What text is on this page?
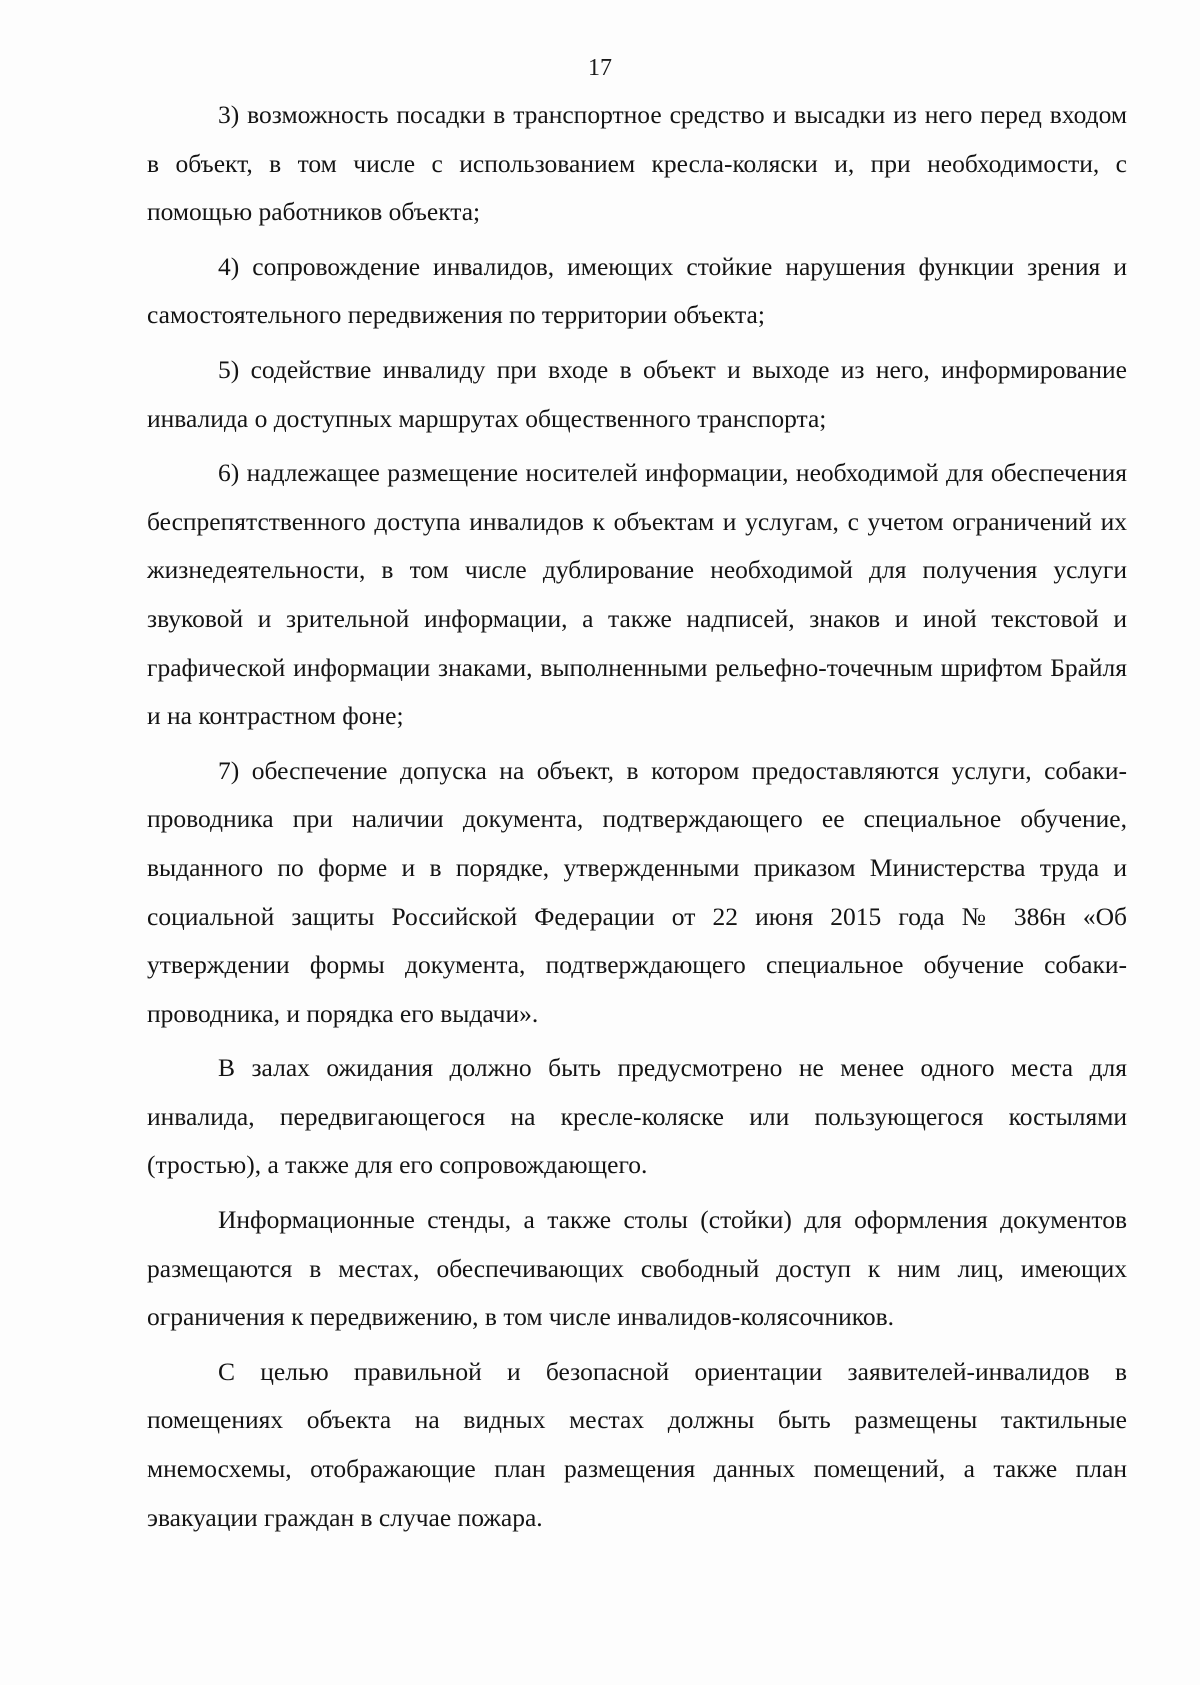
17

3) возможность посадки в транспортное средство и высадки из него перед входом в объект, в том числе с использованием кресла-коляски и, при необходимости, с помощью работников объекта;

4) сопровождение инвалидов, имеющих стойкие нарушения функции зрения и самостоятельного передвижения по территории объекта;

5) содействие инвалиду при входе в объект и выходе из него, информирование инвалида о доступных маршрутах общественного транспорта;

6) надлежащее размещение носителей информации, необходимой для обеспечения беспрепятственного доступа инвалидов к объектам и услугам, с учетом ограничений их жизнедеятельности, в том числе дублирование необходимой для получения услуги звуковой и зрительной информации, а также надписей, знаков и иной текстовой и графической информации знаками, выполненными рельефно-точечным шрифтом Брайля и на контрастном фоне;

7) обеспечение допуска на объект, в котором предоставляются услуги, собаки-проводника при наличии документа, подтверждающего ее специальное обучение, выданного по форме и в порядке, утвержденными приказом Министерства труда и социальной защиты Российской Федерации от 22 июня 2015 года № 386н «Об утверждении формы документа, подтверждающего специальное обучение собаки-проводника, и порядка его выдачи».

В залах ожидания должно быть предусмотрено не менее одного места для инвалида, передвигающегося на кресле-коляске или пользующегося костылями (тростью), а также для его сопровождающего.

Информационные стенды, а также столы (стойки) для оформления документов размещаются в местах, обеспечивающих свободный доступ к ним лиц, имеющих ограничения к передвижению, в том числе инвалидов-колясочников.

С целью правильной и безопасной ориентации заявителей-инвалидов в помещениях объекта на видных местах должны быть размещены тактильные мнемосхемы, отображающие план размещения данных помещений, а также план эвакуации граждан в случае пожара.
